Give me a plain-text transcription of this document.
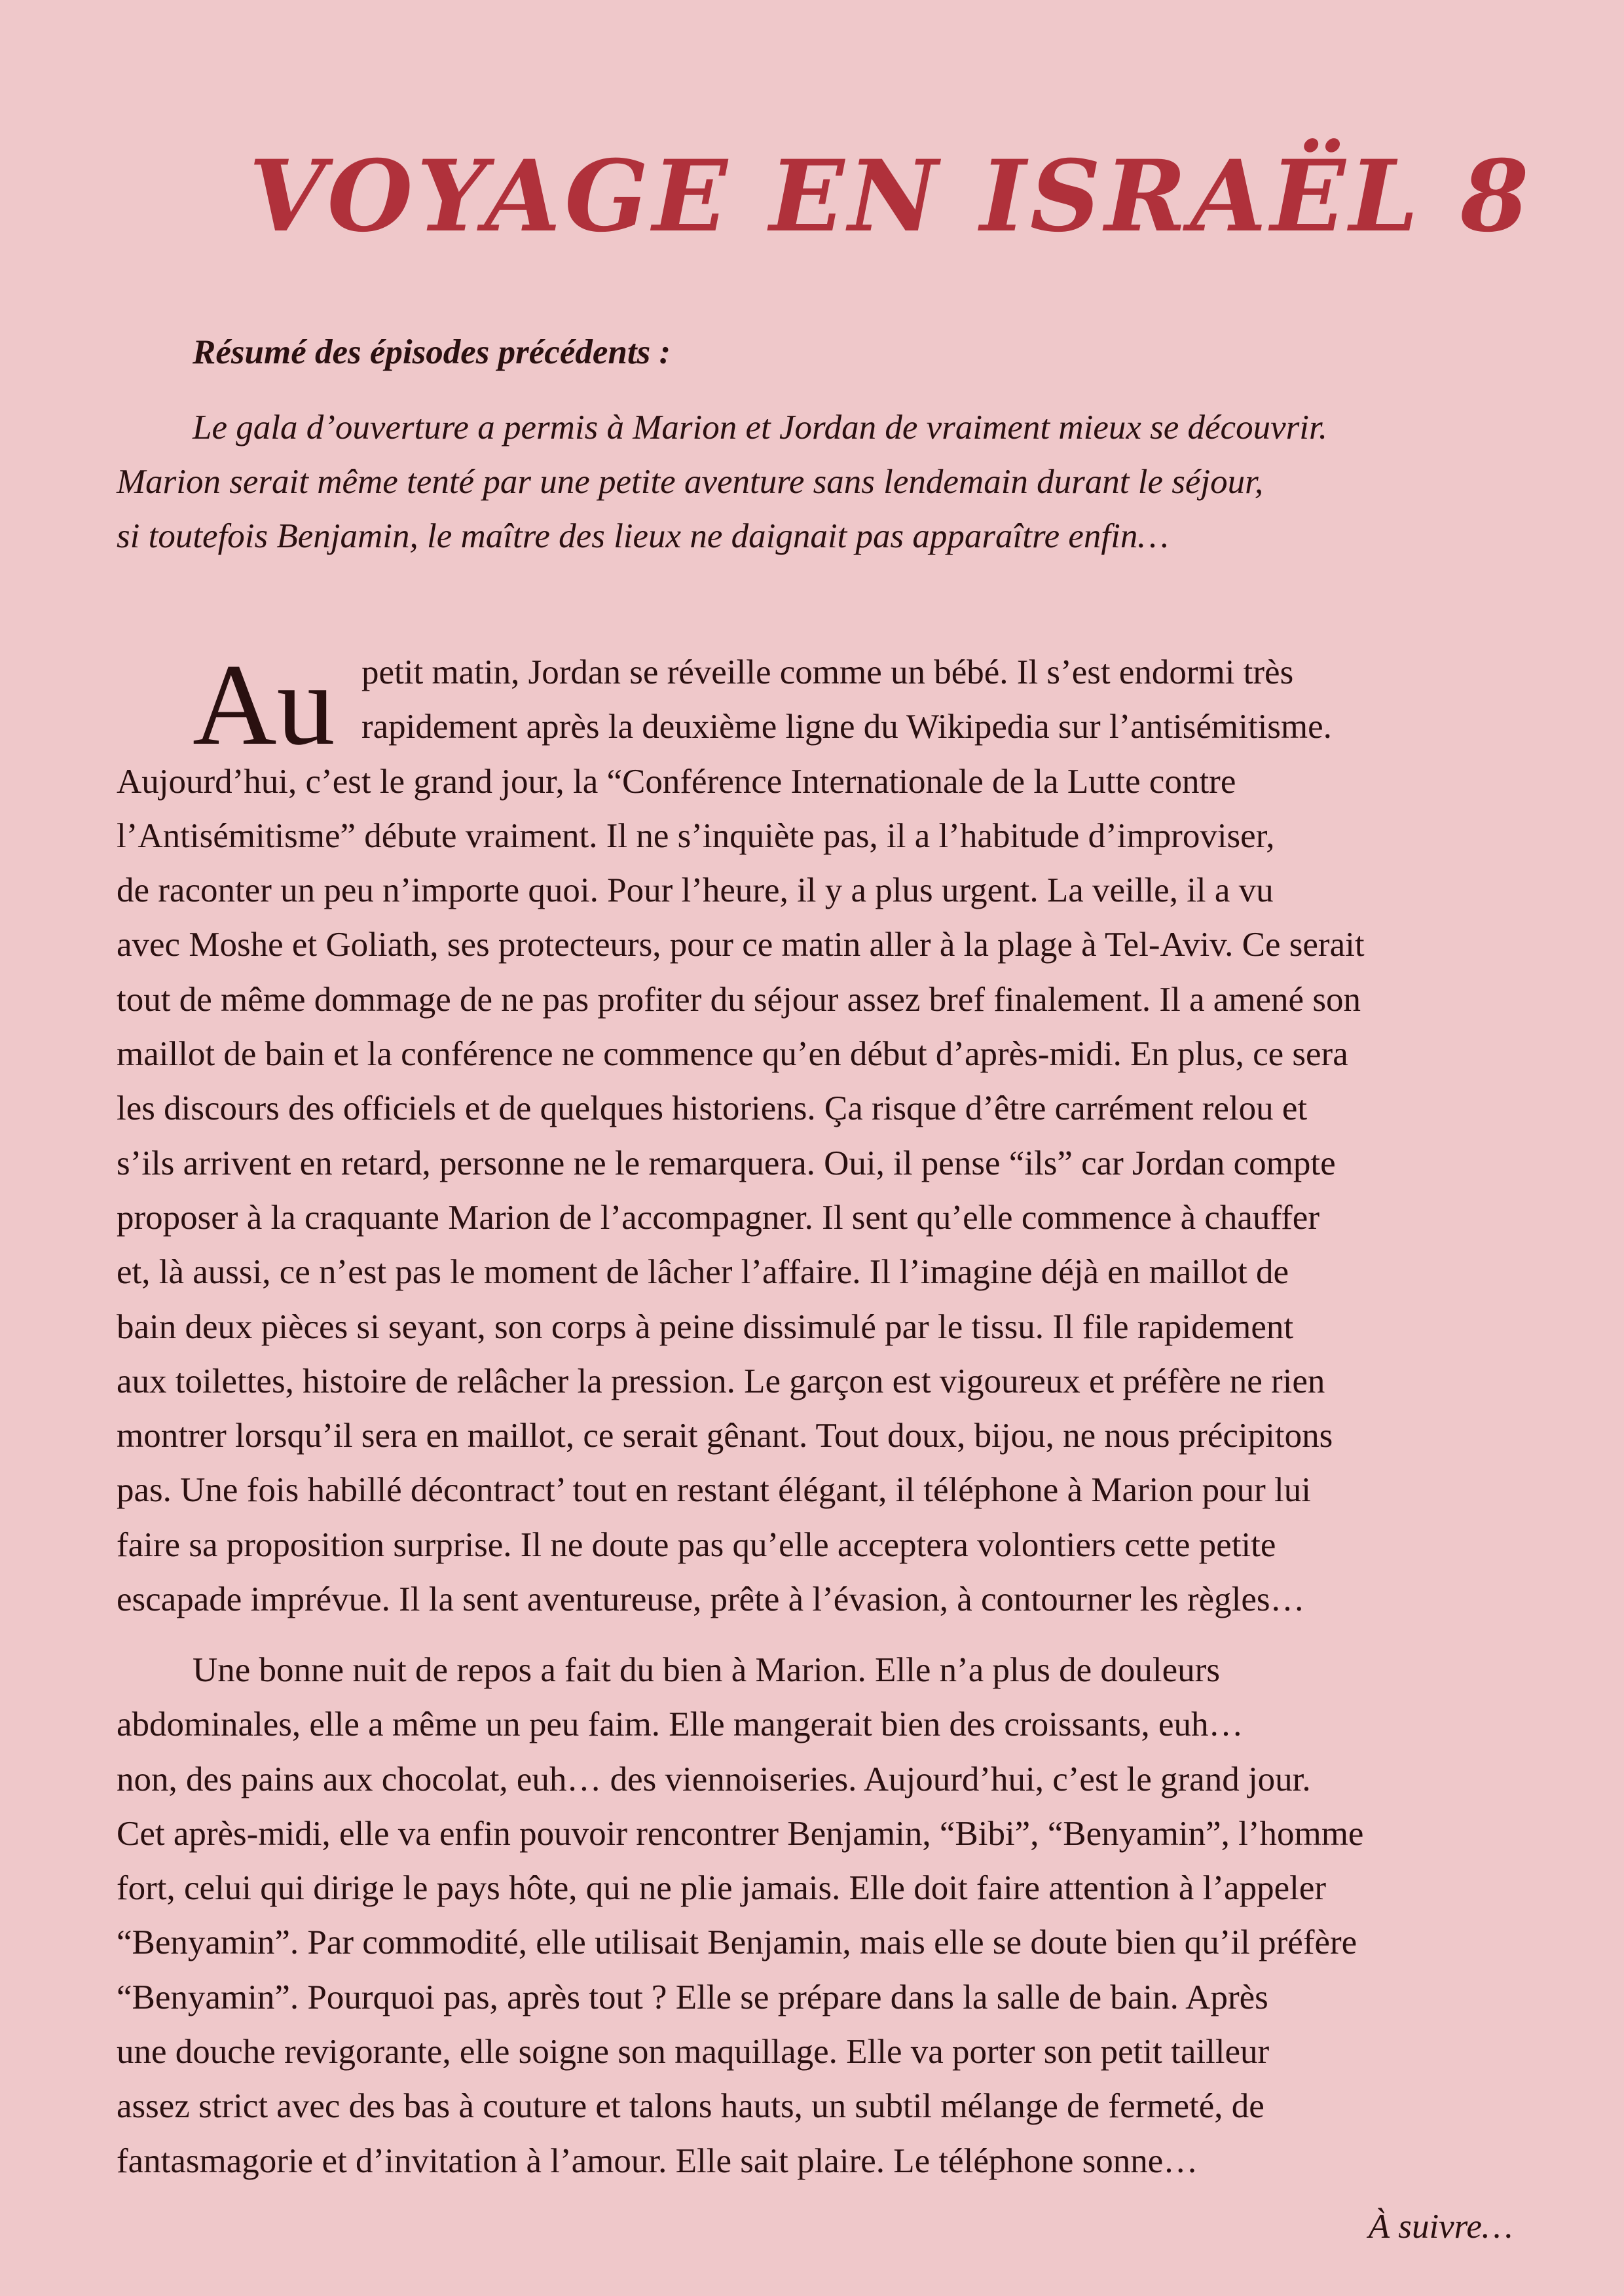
VOYAGE EN ISRAËL 8

Résumé des épisodes précédents :

Le gala d’ouverture a permis à Marion et Jordan de vraiment mieux se découvrir.
Marion serait même tenté par une petite aventure sans lendemain durant le séjour,
si toutefois Benjamin, le maître des lieux ne daignait pas apparaître enfin…
Au petit matin, Jordan se réveille comme un bébé. Il s’est endormi très
rapidement après la deuxième ligne du Wikipedia sur l’antisémitisme.
Aujourd’hui, c’est le grand jour, la “Conférence Internationale de la Lutte contre
l’Antisémitisme” débute vraiment. Il ne s’inquiète pas, il a l’habitude d’improviser,
de raconter un peu n’importe quoi. Pour l’heure, il y a plus urgent. La veille, il a vu
avec Moshe et Goliath, ses protecteurs, pour ce matin aller à la plage à Tel-Aviv. Ce serait
tout de même dommage de ne pas profiter du séjour assez bref finalement. Il a amené son
maillot de bain et la conférence ne commence qu’en début d’après-midi. En plus, ce sera
les discours des officiels et de quelques historiens. Ça risque d’être carrément relou et
s’ils arrivent en retard, personne ne le remarquera. Oui, il pense “ils” car Jordan compte
proposer à la craquante Marion de l’accompagner. Il sent qu’elle commence à chauffer
et, là aussi, ce n’est pas le moment de lâcher l’affaire. Il l’imagine déjà en maillot de
bain deux pièces si seyant, son corps à peine dissimulé par le tissu. Il file rapidement
aux toilettes, histoire de relâcher la pression. Le garçon est vigoureux et préfère ne rien
montrer lorsqu’il sera en maillot, ce serait gênant. Tout doux, bijou, ne nous précipitons
pas. Une fois habillé décontract’ tout en restant élégant, il téléphone à Marion pour lui
faire sa proposition surprise. Il ne doute pas qu’elle acceptera volontiers cette petite
escapade imprévue. Il la sent aventureuse, prête à l’évasion, à contourner les règles…
Une bonne nuit de repos a fait du bien à Marion. Elle n’a plus de douleurs
abdominales, elle a même un peu faim. Elle mangerait bien des croissants, euh…
non, des pains aux chocolat, euh… des viennoiseries. Aujourd’hui, c’est le grand jour.
Cet après-midi, elle va enfin pouvoir rencontrer Benjamin, “Bibi”, “Benyamin”, l’homme
fort, celui qui dirige le pays hôte, qui ne plie jamais. Elle doit faire attention à l’appeler
“Benyamin”. Par commodité, elle utilisait Benjamin, mais elle se doute bien qu’il préfère
“Benyamin”. Pourquoi pas, après tout ? Elle se prépare dans la salle de bain. Après
une douche revigorante, elle soigne son maquillage. Elle va porter son petit tailleur
assez strict avec des bas à couture et talons hauts, un subtil mélange de fermeté, de
fantasmagorie et d’invitation à l’amour. Elle sait plaire. Le téléphone sonne…

À suivre…
